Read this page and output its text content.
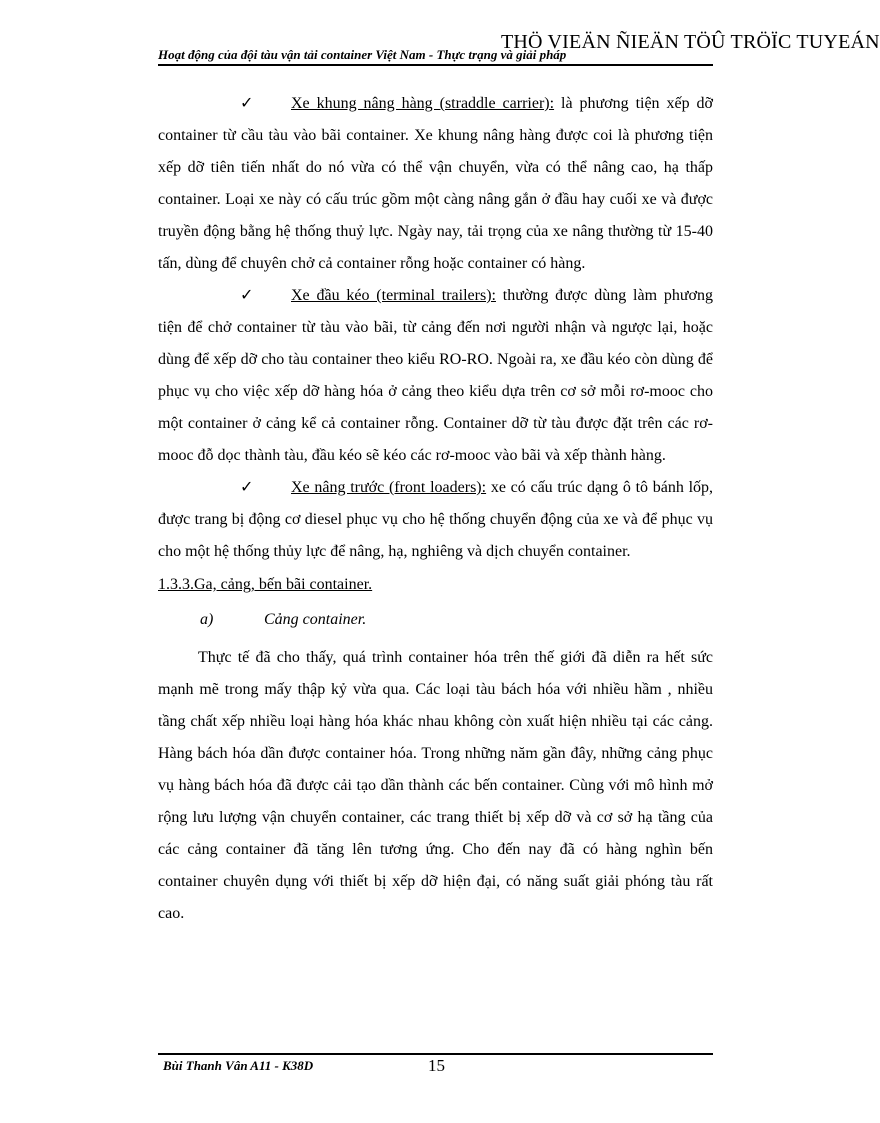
Hoạt động của đội tàu vận tải container Việt Nam - Thực trạng và giải pháp
THÖ VIEÄN ÑIEÄN TÖÛ TRÖÏC TUYEÁN

✓ Xe khung nâng hàng (straddle carrier): là phương tiện xếp dỡ container từ cầu tàu vào bãi container. Xe khung nâng hàng được coi là phương tiện xếp dỡ tiên tiến nhất do nó vừa có thể vận chuyển, vừa có thể nâng cao, hạ thấp container. Loại xe này có cấu trúc gồm một càng nâng gắn ở đầu hay cuối xe và được truyền động bằng hệ thống thuỷ lực. Ngày nay, tải trọng của xe nâng thường từ 15-40 tấn, dùng để chuyên chở cả container rỗng hoặc container có hàng.

✓ Xe đầu kéo (terminal trailers): thường được dùng làm phương tiện để chở container từ tàu vào bãi, từ cảng đến nơi người nhận và ngược lại, hoặc dùng để xếp dỡ cho tàu container theo kiểu RO-RO. Ngoài ra, xe đầu kéo còn dùng để phục vụ cho việc xếp dỡ hàng hóa ở cảng theo kiểu dựa trên cơ sở mỗi rơ-mooc cho một container ở cảng kể cả container rỗng. Container dỡ từ tàu được đặt trên các rơ-mooc đỗ dọc thành tàu, đầu kéo sẽ kéo các rơ-mooc vào bãi và xếp thành hàng.

✓ Xe nâng trước (front loaders): xe có cấu trúc dạng ô tô bánh lốp, được trang bị động cơ diesel phục vụ cho hệ thống chuyển động của xe và để phục vụ cho một hệ thống thủy lực để nâng, hạ, nghiêng và dịch chuyển container.

1.3.3.Ga, cảng, bến bãi container.

a)	Cảng container.

Thực tế đã cho thấy, quá trình container hóa trên thế giới đã diễn ra hết sức mạnh mẽ trong mấy thập kỷ vừa qua. Các loại tàu bách hóa với nhiều hầm , nhiều tầng chất xếp nhiều loại hàng hóa khác nhau không còn xuất hiện nhiều tại các cảng. Hàng bách hóa dần được container hóa. Trong những năm gần đây, những cảng phục vụ hàng bách hóa đã được cải tạo dần thành các bến container. Cùng với mô hình mở rộng lưu lượng vận chuyển container, các trang thiết bị xếp dỡ và cơ sở hạ tầng của các cảng container đã tăng lên tương ứng. Cho đến nay đã có hàng nghìn bến container chuyên dụng với thiết bị xếp dỡ hiện đại, có năng suất giải phóng tàu rất cao.

Bùi Thanh Vân A11 - K38D	15
